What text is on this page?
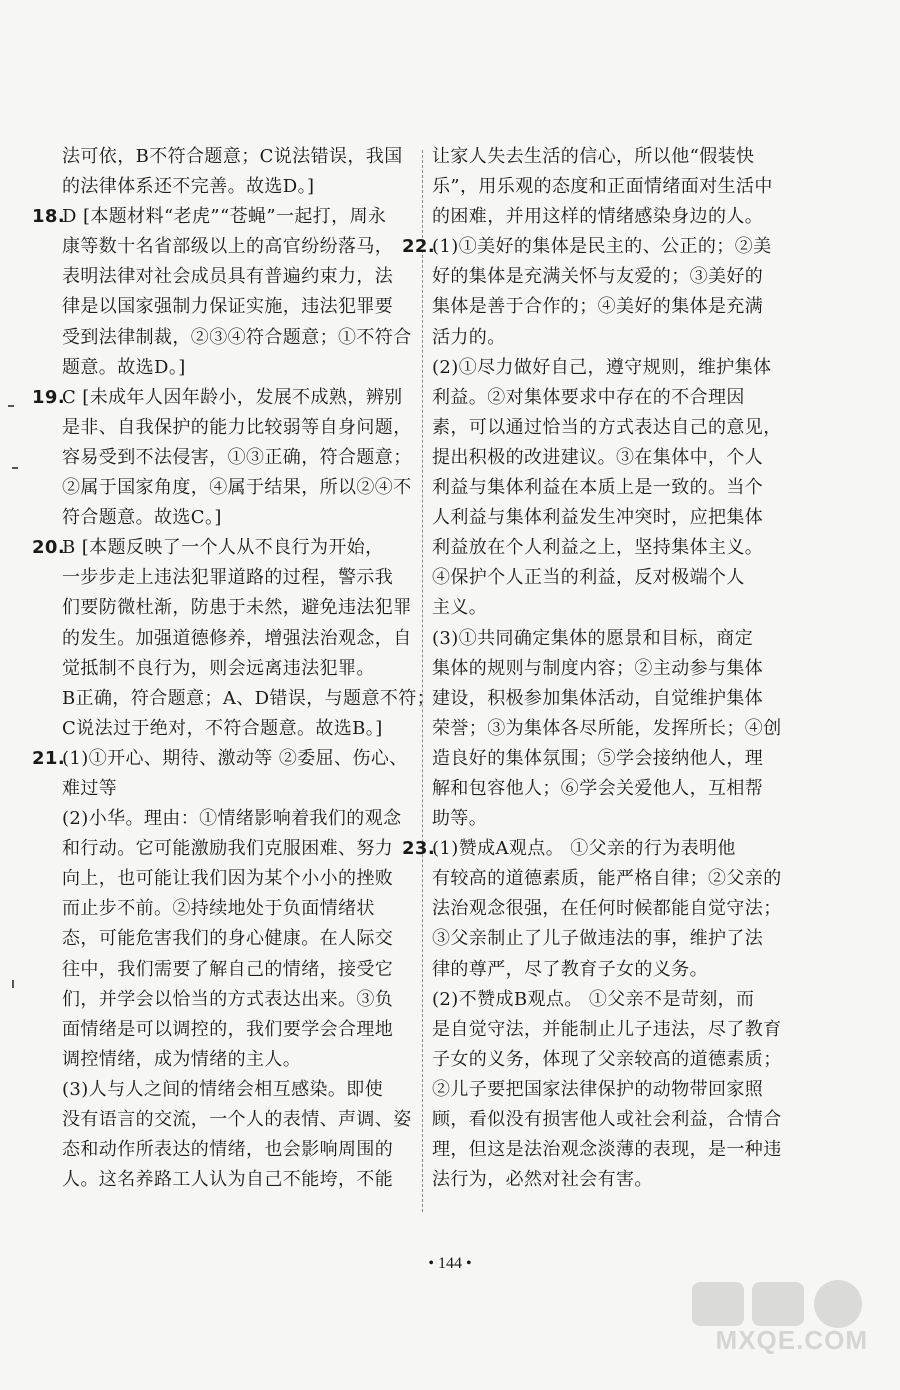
法可依，B不符合题意；C说法错误，我国
的法律体系还不完善。故选D。]
18.D [本题材料“老虎”“苍蝇”一起打，周永
康等数十名省部级以上的高官纷纷落马，
表明法律对社会成员具有普遍约束力，法
律是以国家强制力保证实施，违法犯罪要
受到法律制裁，②③④符合题意；①不符合
题意。故选D。]
19.C [未成年人因年龄小，发展不成熟，辨别
是非、自我保护的能力比较弱等自身问题，
容易受到不法侵害，①③正确，符合题意；
②属于国家角度，④属于结果，所以②④不
符合题意。故选C。]
20.B [本题反映了一个人从不良行为开始，
一步步走上违法犯罪道路的过程，警示我
们要防微杜渐，防患于未然，避免违法犯罪
的发生。加强道德修养，增强法治观念，自
觉抵制不良行为，则会远离违法犯罪。
B正确，符合题意；A、D错误，与题意不符；
C说法过于绝对，不符合题意。故选B。]
21.(1)①开心、期待、激动等 ②委屈、伤心、
难过等
(2)小华。理由：①情绪影响着我们的观念
和行动。它可能激励我们克服困难、努力
向上，也可能让我们因为某个小小的挫败
而止步不前。②持续地处于负面情绪状
态，可能危害我们的身心健康。在人际交
往中，我们需要了解自己的情绪，接受它
们，并学会以恰当的方式表达出来。③负
面情绪是可以调控的，我们要学会合理地
调控情绪，成为情绪的主人。
(3)人与人之间的情绪会相互感染。即使
没有语言的交流，一个人的表情、声调、姿
态和动作所表达的情绪，也会影响周围的
人。这名养路工人认为自己不能垮，不能
让家人失去生活的信心，所以他“假装快
乐”，用乐观的态度和正面情绪面对生活中
的困难，并用这样的情绪感染身边的人。
22.(1)①美好的集体是民主的、公正的；②美
好的集体是充满关怀与友爱的；③美好的
集体是善于合作的；④美好的集体是充满
活力的。
(2)①尽力做好自己，遵守规则，维护集体
利益。②对集体要求中存在的不合理因
素，可以通过恰当的方式表达自己的意见，
提出积极的改进建议。③在集体中，个人
利益与集体利益在本质上是一致的。当个
人利益与集体利益发生冲突时，应把集体
利益放在个人利益之上，坚持集体主义。
④保护个人正当的利益，反对极端个人
主义。
(3)①共同确定集体的愿景和目标，商定
集体的规则与制度内容；②主动参与集体
建设，积极参加集体活动，自觉维护集体
荣誉；③为集体各尽所能，发挥所长；④创
造良好的集体氛围；⑤学会接纳他人，理
解和包容他人；⑥学会关爱他人，互相帮
助等。
23.(1)赞成A观点。 ①父亲的行为表明他
有较高的道德素质，能严格自律；②父亲的
法治观念很强，在任何时候都能自觉守法；
③父亲制止了儿子做违法的事，维护了法
律的尊严，尽了教育子女的义务。
(2)不赞成B观点。 ①父亲不是苛刻，而
是自觉守法，并能制止儿子违法，尽了教育
子女的义务，体现了父亲较高的道德素质；
②儿子要把国家法律保护的动物带回家照
顾，看似没有损害他人或社会利益，合情合
理，但这是法治观念淡薄的表现，是一种违
法行为，必然对社会有害。
• 144 •
MXQE.COM
